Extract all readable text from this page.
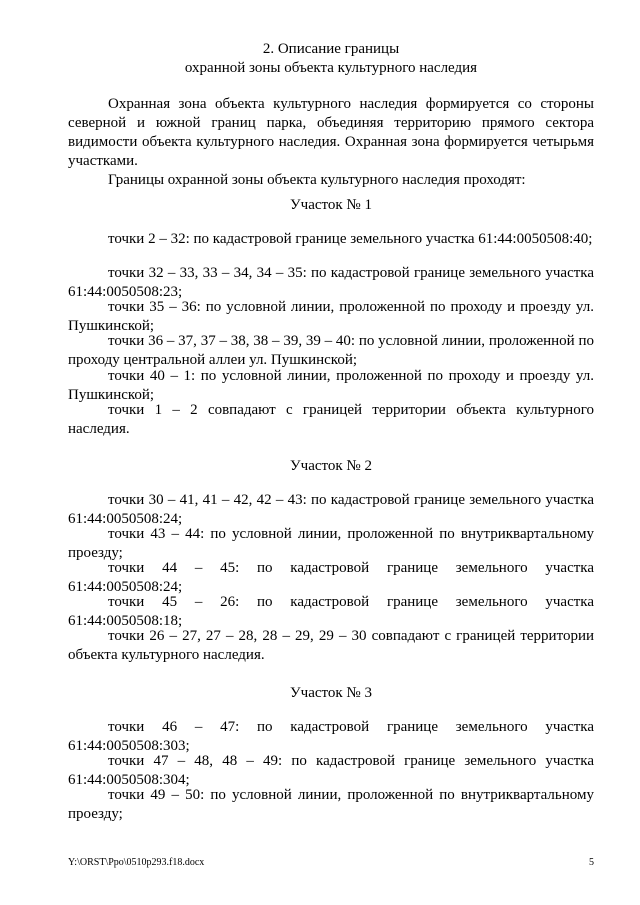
2. Описание границы
охранной зоны объекта культурного наследия
Охранная зона объекта культурного наследия формируется со стороны северной и южной границ парка, объединяя территорию прямого сектора видимости объекта культурного наследия. Охранная зона формируется четырьмя участками.
Границы охранной зоны объекта культурного наследия проходят:
Участок № 1
точки 2 – 32: по кадастровой границе земельного участка 61:44:0050508:40;
точки 32 – 33, 33 – 34, 34 – 35: по кадастровой границе земельного участка 61:44:0050508:23;
точки 35 – 36: по условной линии, проложенной по проходу и проезду ул. Пушкинской;
точки 36 – 37, 37 – 38, 38 – 39, 39 – 40: по условной линии, проложенной по проходу центральной аллеи ул. Пушкинской;
точки 40 – 1: по условной линии, проложенной по проходу и проезду ул. Пушкинской;
точки 1 – 2 совпадают с границей территории объекта культурного наследия.
Участок № 2
точки 30 – 41, 41 – 42, 42 – 43: по кадастровой границе земельного участка 61:44:0050508:24;
точки 43 – 44: по условной линии, проложенной по внутриквартальному проезду;
точки 44 – 45: по кадастровой границе земельного участка 61:44:0050508:24;
точки 45 – 26: по кадастровой границе земельного участка 61:44:0050508:18;
точки 26 – 27, 27 – 28, 28 – 29, 29 – 30 совпадают с границей территории объекта культурного наследия.
Участок № 3
точки 46 – 47: по кадастровой границе земельного участка 61:44:0050508:303;
точки 47 – 48, 48 – 49: по кадастровой границе земельного участка 61:44:0050508:304;
точки 49 – 50: по условной линии, проложенной по внутриквартальному проезду;
Y:\ORST\Ppo\0510p293.f18.docx	5
